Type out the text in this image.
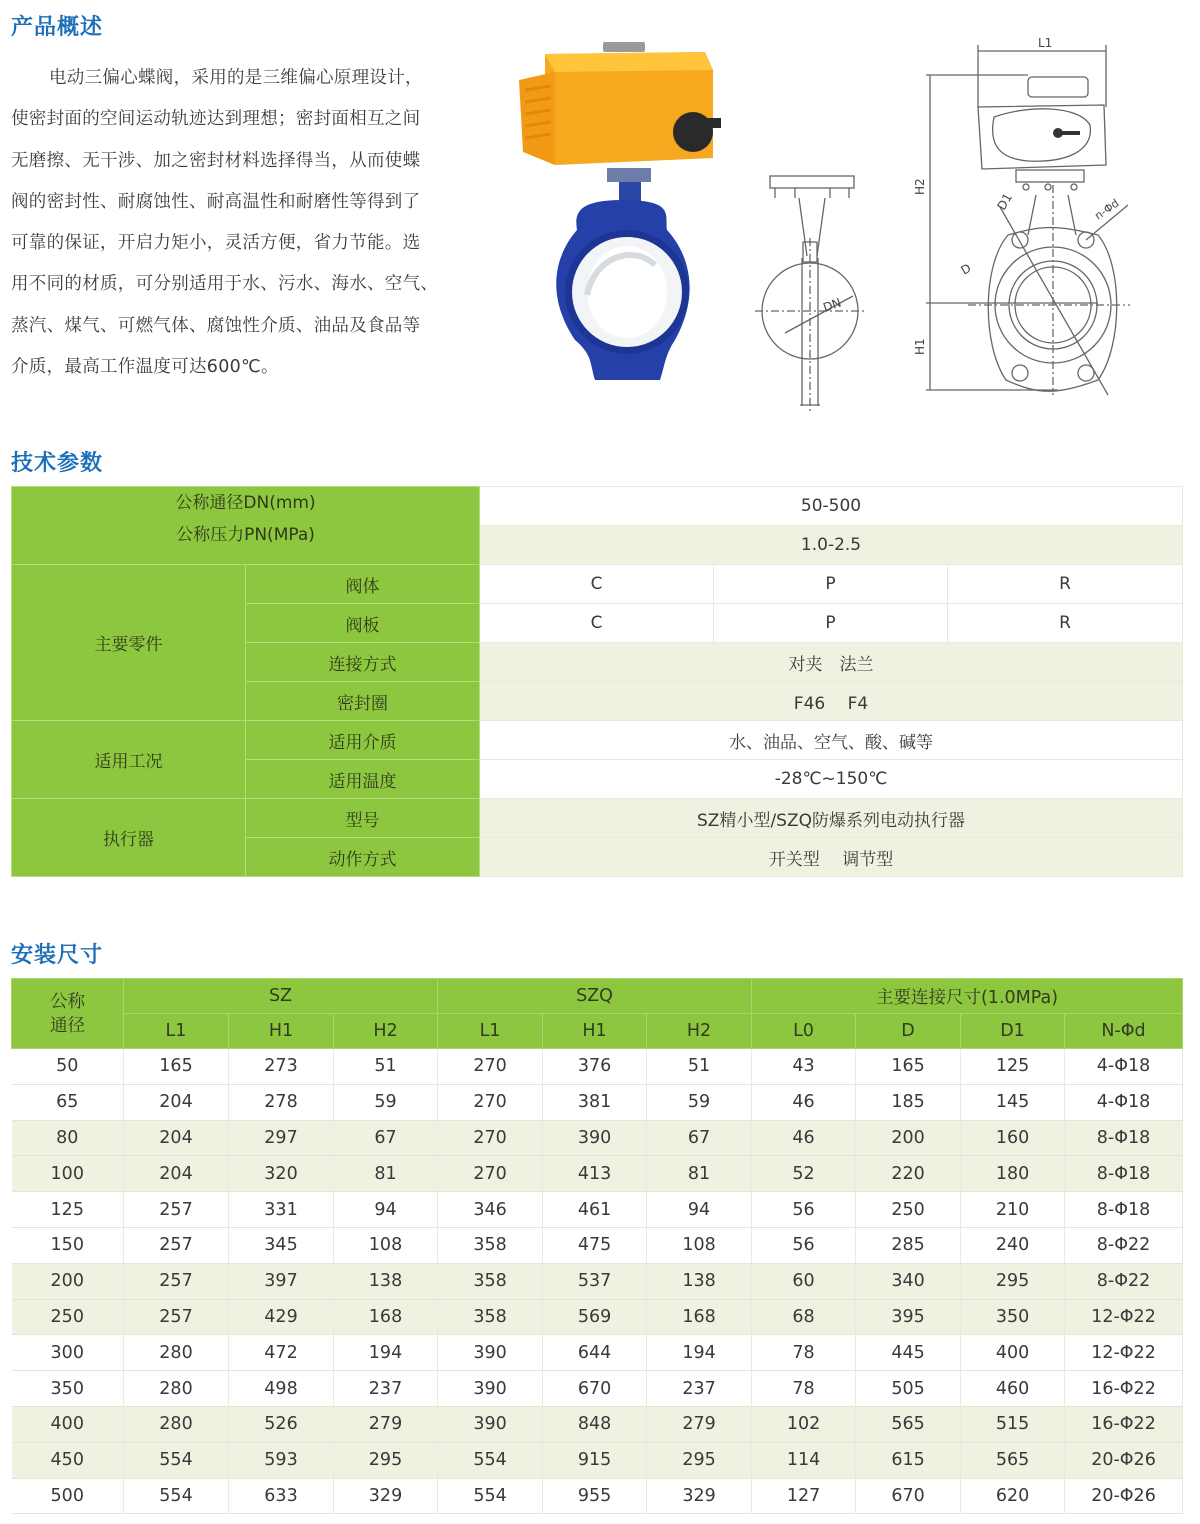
产品概述
电动三偏心蝶阀，采用的是三维偏心原理设计，
使密封面的空间运动轨迹达到理想；密封面相互之间
无磨擦、无干涉、加之密封材料选择得当，从而使蝶
阀的密封性、耐腐蚀性、耐高温性和耐磨性等得到了
可靠的保证，开启力矩小，灵活方便，省力节能。选
用不同的材质，可分别适用于水、污水、海水、空气、
蒸汽、煤气、可燃气体、腐蚀性介质、油品及食品等
介质，最高工作温度可达600℃。
DN
L1
H2
H1
D1
D
n-Φd
技术参数
公称通径DN(mm)
公称压力PN(MPa)		50-500		
		1.0-2.5		
主要零件	阀体	C	P	R
	阀板	C	P	R
	连接方式	对夹　法兰		
	密封圈	F46　 F4		
适用工况	适用介质	水、油品、空气、酸、碱等		
	适用温度	-28℃~150℃		
执行器	型号	SZ精小型/SZQ防爆系列电动执行器		
	动作方式	开关型　 调节型		
安装尺寸
公称
通径	SZ			SZQ			主要连接尺寸(1.0MPa)			
	L1	H1	H2	L1	H1	H2	L0	D	D1	N-Φd
50	165	273	51	270	376	51	43	165	125	4-Φ18
65	204	278	59	270	381	59	46	185	145	4-Φ18
80	204	297	67	270	390	67	46	200	160	8-Φ18
100	204	320	81	270	413	81	52	220	180	8-Φ18
125	257	331	94	346	461	94	56	250	210	8-Φ18
150	257	345	108	358	475	108	56	285	240	8-Φ22
200	257	397	138	358	537	138	60	340	295	8-Φ22
250	257	429	168	358	569	168	68	395	350	12-Φ22
300	280	472	194	390	644	194	78	445	400	12-Φ22
350	280	498	237	390	670	237	78	505	460	16-Φ22
400	280	526	279	390	848	279	102	565	515	16-Φ22
450	554	593	295	554	915	295	114	615	565	20-Φ26
500	554	633	329	554	955	329	127	670	620	20-Φ26
